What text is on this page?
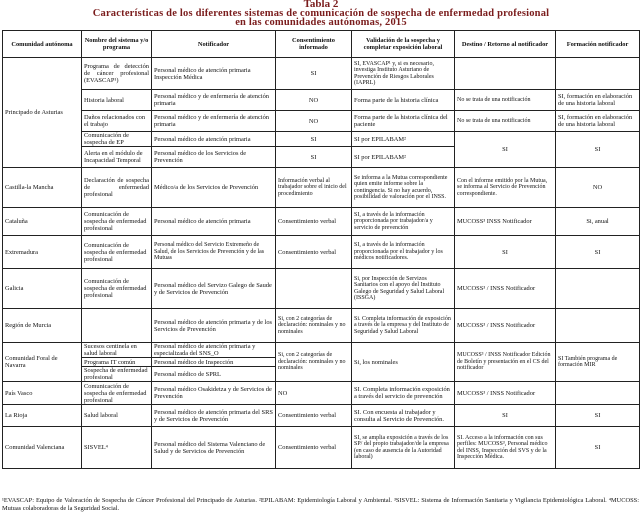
Tabla 2
Características de los diferentes sistemas de comunicación de sospecha de enfermedad profesional
en las comunidades autónomas, 2015
Comunidad autónoma	Nombre del sistema y/o programa	Notificador	Consentimiento informado	Validación de la sospecha y completar exposición laboral	Destino / Retorno al notificador	Formación notificador
Principado de Asturias	Programa de detección de cáncer profesional (EVASCAP¹)	Personal médico de atención primaria Inspección Médica	SI	SI, EVASCAP¹ y, si es necesario, investiga Instituto Asturiano de Prevención de Riesgos Laborales (IAPRL)		
	Historia laboral	Personal médico y de enfermería de atención primaria	NO	Forma parte de la historia clínica	No se trata de una notificación	SI, formación en elaboración de una historia laboral
	Daños relacionados con el trabajo	Personal médico y de enfermería de atención primaria	NO	Forma parte de la historia clínica del paciente	No se trata de una notificación	SI, formación en elaboración de una historia laboral
	Comunicación de sospecha de EP	Personal médico de atención primaria	SI	SI por EPILABAM²	SI	SI
	Alerta en el módulo de Incapacidad Temporal	Personal médico de los Servicios de Prevención	SI	SI por EPILABAM²		
Castilla-la Mancha	Declaración de sospecha de enfermedad profesional	Médico/a de los Servicios de Prevención	Información verbal al trabajador sobre el inicio del procedimiento	Se informa a la Mutua correspondiente quien emite informe sobre la contingencia. Si no hay acuerdo, posibilidad de valoración por el INSS.	Con el informe emitido por la Mutua, se informa al Servicio de Prevención correspondiente.	NO
Cataluña	Comunicación de sospecha de enfermedad profesional	Personal médico de atención primaria	Consentimiento verbal	SI, a través de la información proporcionada por trabajador/a y servicio de prevención	MUCOSS³ INSS Notificador	Si, anual
Extremadura	Comunicación de sospecha de enfermedad profesional	Personal médico del Servicio Extremeño de Salud, de los Servicios de Prevención y de las Mutuas	Consentimiento verbal	SI, a través de la información proporcionada por el trabajador y los médicos notificadores.	SI	SI
Galicia	Comunicación de sospecha de enfermedad profesional	Personal médico del Servizo Galego de Saude y de Servicios de Prevención		Si, por Inspección de Servizos Sanitarios con el apoyo del Instituto Galego de Seguridad y Salud Laboral (ISSGA)	MUCOSS³ / INSS Notificador	
Región de Murcia		Personal médico de atención primaria y de los Servicios de Prevención	Si, con 2 categorías de declaración: nominales y no nominales	Si. Completa información de exposición a través de la empresa y del Instituto de Seguridad y Salud Laboral	MUCOSS³ / INSS Notificador	
Comunidad Foral de Navarra	Sucesos centinela en salud laboral	Personal médico de atención primaria y especializada del SNS_O	Si, con 2 categorías de declaración: nominales y no nominales	Si, los nominales	MUCOSS³ / INSS Notificador Edición de Boletín y presentación en el CS del notificador	SI También programa de formación MIR
	Programa IT común	Personal médico de Inspección				
	Sospecha de enfermedad profesional	Personal médico de SPRL				
País Vasco	Comunicación de sospecha de enfermedad profesional	Personal médico Osakidetza y de Servicios de Prevención	NO	SI. Completa información exposición a través del servicio de prevención	MUCOSS³ / INSS Notificador	
La Rioja	Salud laboral	Personal médico de atención primaria del SRS y de Servicios de Prevención	Consentimiento verbal	SI. Con encuesta al trabajador y consulta al Servicio de Prevención.	SI	SI
Comunidad Valenciana	SISVEL⁴	Personal médico del Sistema Valenciano de Salud y de Servicios de Prevención	Consentimiento verbal	SI, se amplia exposición a través de los SP/ del propio trabajador/de la empresa (en caso de ausencia de la Autoridad laboral)	SI. Acceso a la información con sus perfiles: MUCOSS³, Personal médico del INSS, Inspección del SVS y de la Inspección Médica.	SI
¹EVASCAP: Equipo de Valoración de Sospecha de Cáncer Profesional del Principado de Asturias. ²EPILABAM: Epidemiología Laboral y Ambiental. ³SISVEL: Sistema de Información Sanitaria y Vigilancia Epidemiológica Laboral. ⁴MUCOSS: Mutuas colaboradoras de la Seguridad Social.
